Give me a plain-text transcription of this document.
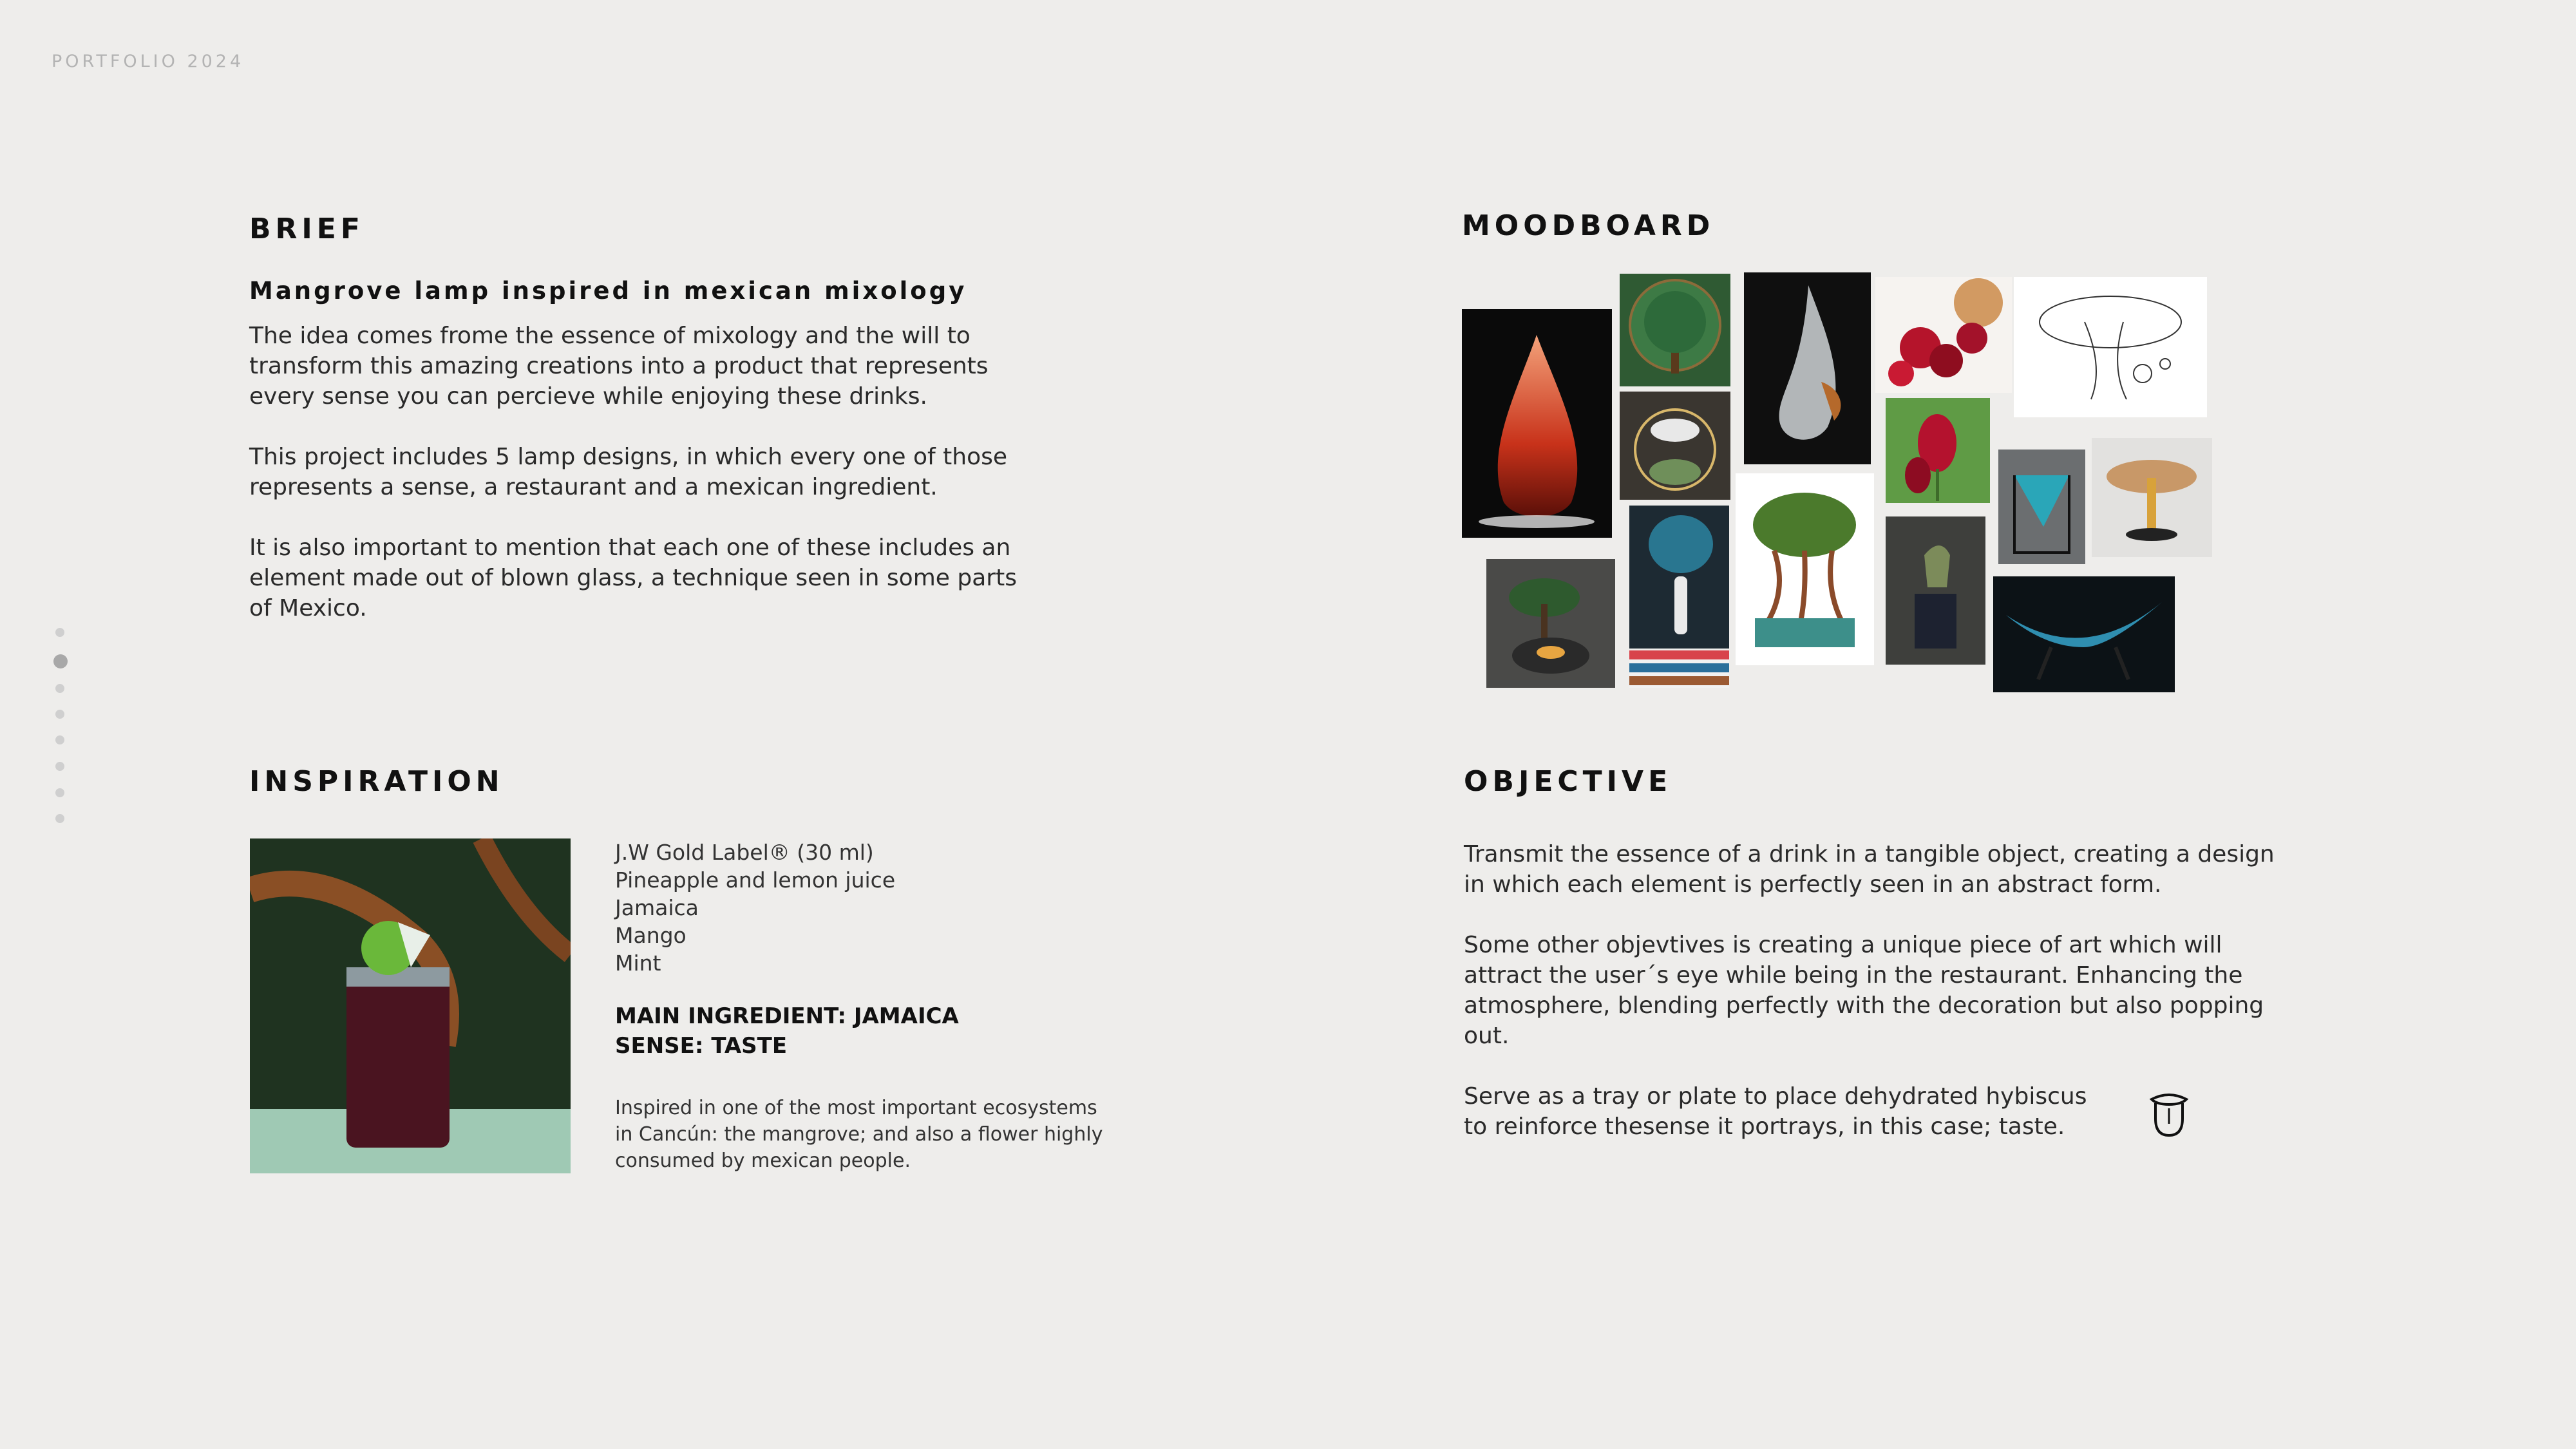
PORTFOLIO 2024
BRIEF
Mangrove lamp inspired in mexican mixology

The idea comes frome the essence of mixology and the will to transform this amazing creations into a product that represents every sense you can percieve while enjoying these drinks.

This project includes 5 lamp designs, in which every one of those represents a sense, a restaurant and a mexican ingredient.

It is also important to mention that each one of these includes an element made out of blown glass, a technique seen in some parts of Mexico.

MOODBOARD
INSPIRATION
J.W Gold Label® (30 ml)
Pineapple and lemon juice
Jamaica
Mango
Mint
MAIN INGREDIENT: JAMAICA
SENSE: TASTE
Inspired in one of the most important ecosystems in Cancún: the mangrove; and also a flower highly consumed by mexican people.
OBJECTIVE

Transmit the essence of a drink in a tangible object, creating a design in which each element is perfectly seen in an abstract form.

Some other objevtives is creating a unique piece of art which will attract the user´s eye while being in the restaurant. Enhancing the atmosphere, blending perfectly with the decoration but also popping out.

Serve as a tray or plate to place dehydrated hybiscus to reinforce thesense it portrays, in this case; taste.
